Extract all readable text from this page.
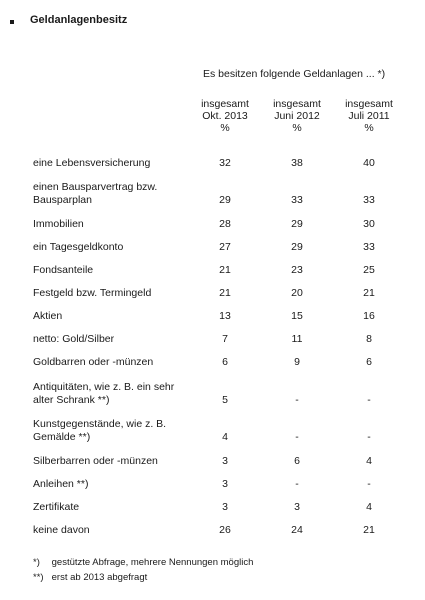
Geldanlagenbesitz
Es besitzen folgende Geldanlagen ... *)
insgesamt
Okt. 2013
%
insgesamt
Juni 2012
%
insgesamt
Juli 2011
%
eine Lebensversicherung	32	38	40
einen Bausparvertrag bzw. Bausparplan	29	33	33
Immobilien	28	29	30
ein Tagesgeldkonto	27	29	33
Fondsanteile	21	23	25
Festgeld bzw. Termingeld	21	20	21
Aktien	13	15	16
netto: Gold/Silber	7	11	8
Goldbarren oder -münzen	6	9	6
Antiquitäten, wie z. B. ein sehr alter Schrank **)	5	-	-
Kunstgegenstände, wie z. B. Gemälde **)	4	-	-
Silberbarren oder -münzen	3	6	4
Anleihen **)	3	-	-
Zertifikate	3	3	4
keine davon	26	24	21
*) gestützte Abfrage, mehrere Nennungen möglich
**) erst ab 2013 abgefragt
